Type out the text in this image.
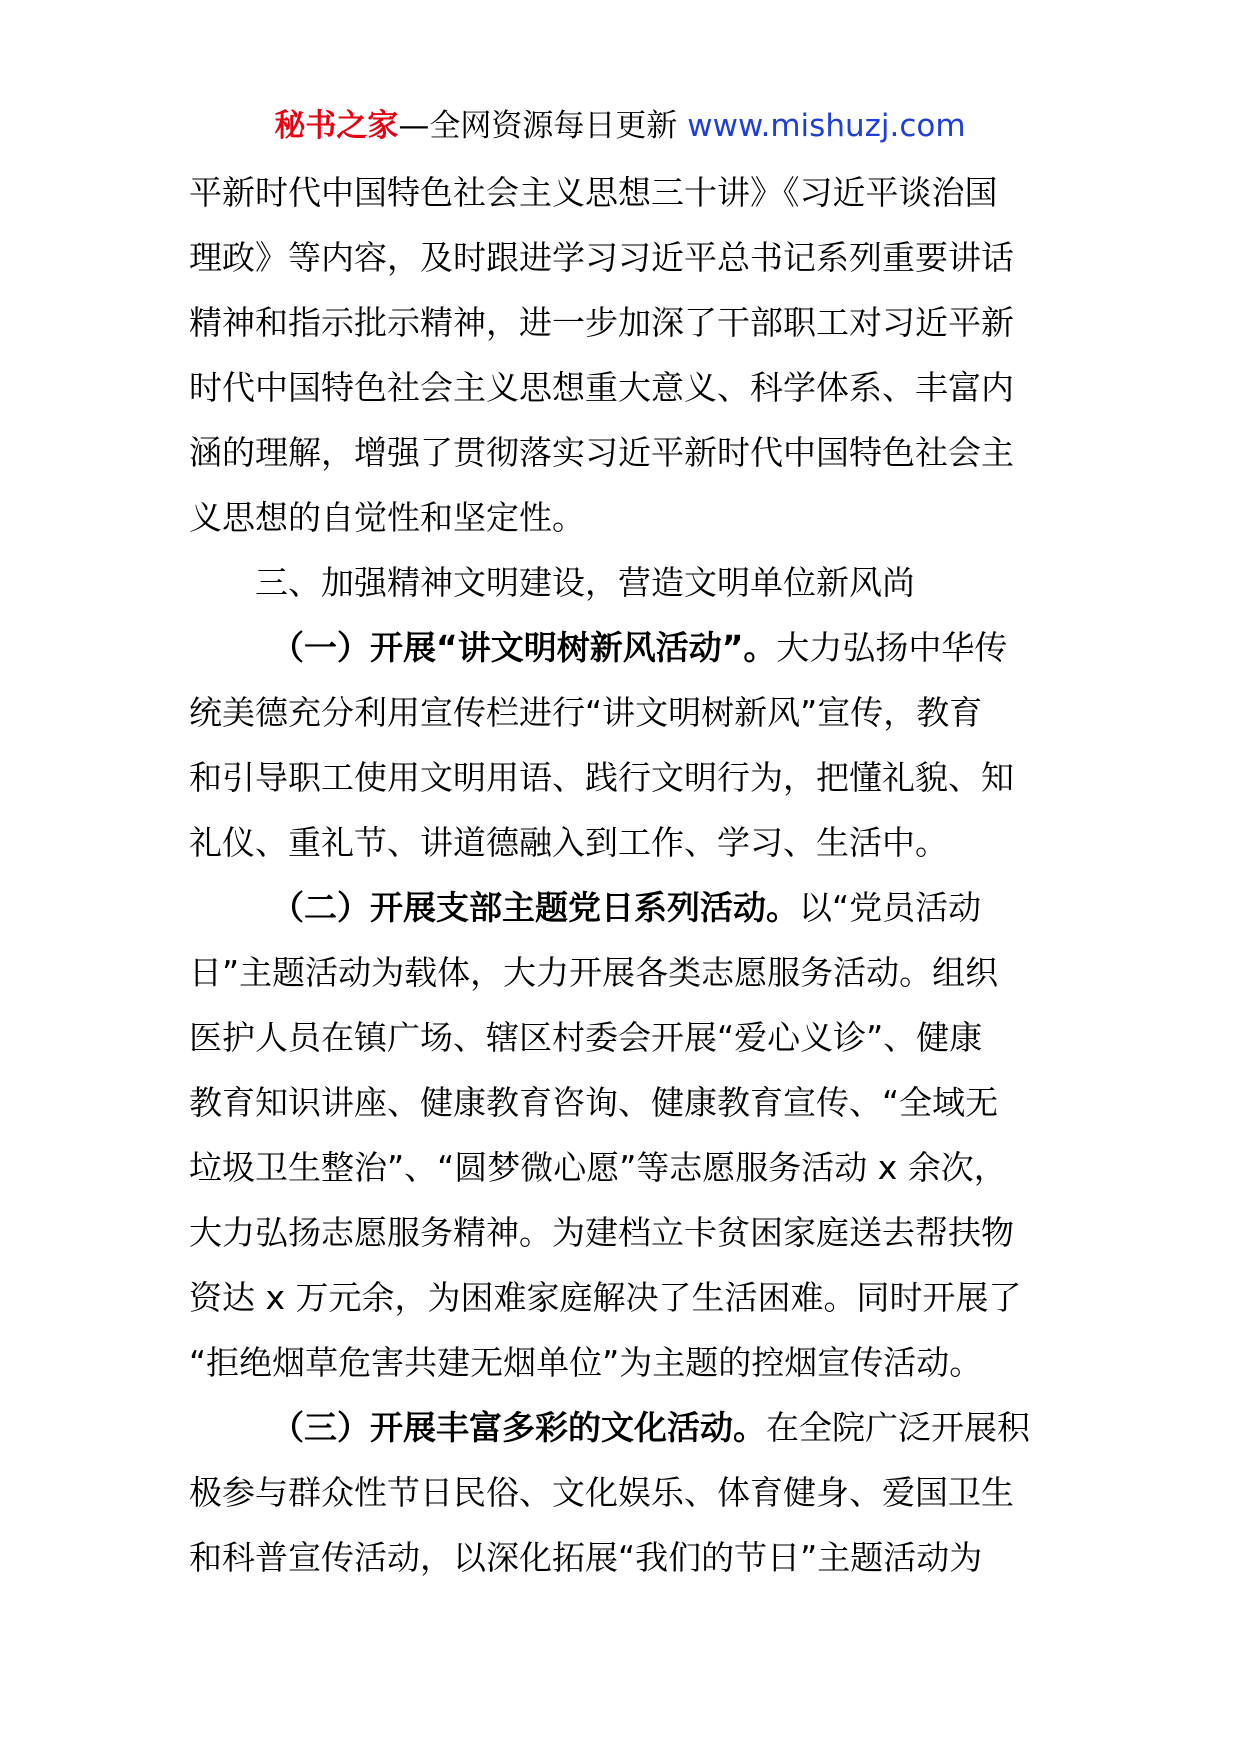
秘书之家—全网资源每日更新 www.mishuzj.com
平新时代中国特色社会主义思想三十讲》《习近平谈治国
理政》等内容，及时跟进学习习近平总书记系列重要讲话
精神和指示批示精神，进一步加深了干部职工对习近平新
时代中国特色社会主义思想重大意义、科学体系、丰富内
涵的理解，增强了贯彻落实习近平新时代中国特色社会主
义思想的自觉性和坚定性。
三、加强精神文明建设，营造文明单位新风尚
（一）开展“讲文明树新风活动”。大力弘扬中华传
统美德充分利用宣传栏进行“讲文明树新风”宣传，教育
和引导职工使用文明用语、践行文明行为，把懂礼貌、知
礼仪、重礼节、讲道德融入到工作、学习、生活中。
（二）开展支部主题党日系列活动。以“党员活动
日”主题活动为载体，大力开展各类志愿服务活动。组织
医护人员在镇广场、辖区村委会开展“爱心义诊”、健康
教育知识讲座、健康教育咨询、健康教育宣传、“全域无
垃圾卫生整治”、“圆梦微心愿”等志愿服务活动 x 余次，
大力弘扬志愿服务精神。为建档立卡贫困家庭送去帮扶物
资达 x 万元余，为困难家庭解决了生活困难。同时开展了
“拒绝烟草危害共建无烟单位”为主题的控烟宣传活动。
（三）开展丰富多彩的文化活动。在全院广泛开展积
极参与群众性节日民俗、文化娱乐、体育健身、爱国卫生
和科普宣传活动，以深化拓展“我们的节日”主题活动为
